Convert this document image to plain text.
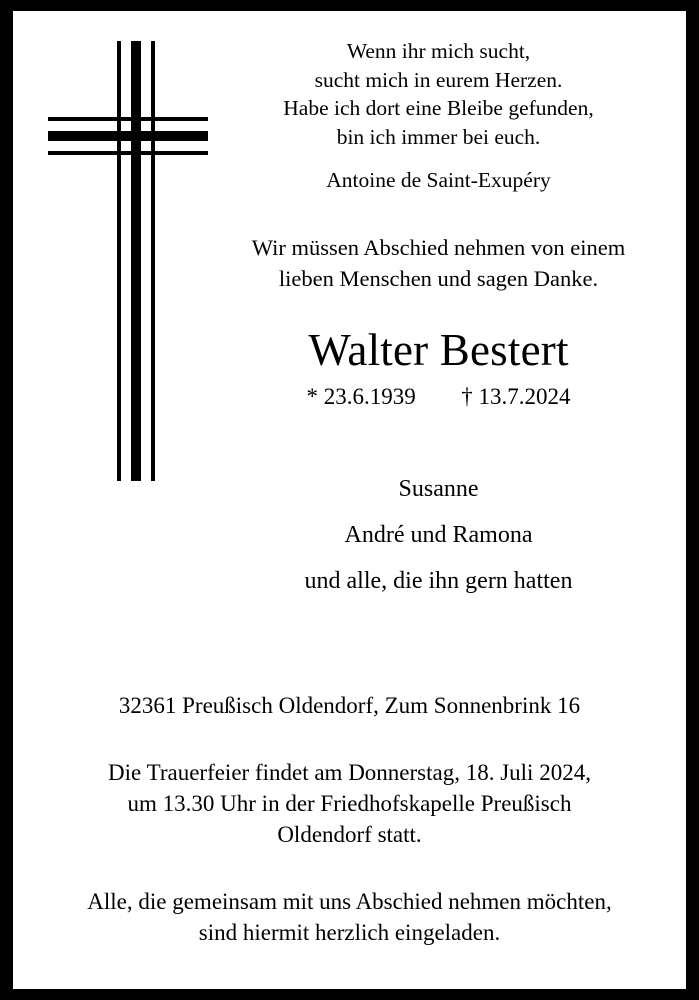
Wenn ihr mich sucht,
sucht mich in eurem Herzen.
Habe ich dort eine Bleibe gefunden,
bin ich immer bei euch.
Antoine de Saint-Exupéry
Wir müssen Abschied nehmen von einem
lieben Menschen und sagen Danke.
Walter Bestert
* 23.6.1939 † 13.7.2024
Susanne
André und Ramona
und alle, die ihn gern hatten
32361 Preußisch Oldendorf, Zum Sonnenbrink 16
Die Trauerfeier findet am Donnerstag, 18. Juli 2024,
um 13.30 Uhr in der Friedhofskapelle Preußisch
Oldendorf statt.
Alle, die gemeinsam mit uns Abschied nehmen möchten,
sind hiermit herzlich eingeladen.
